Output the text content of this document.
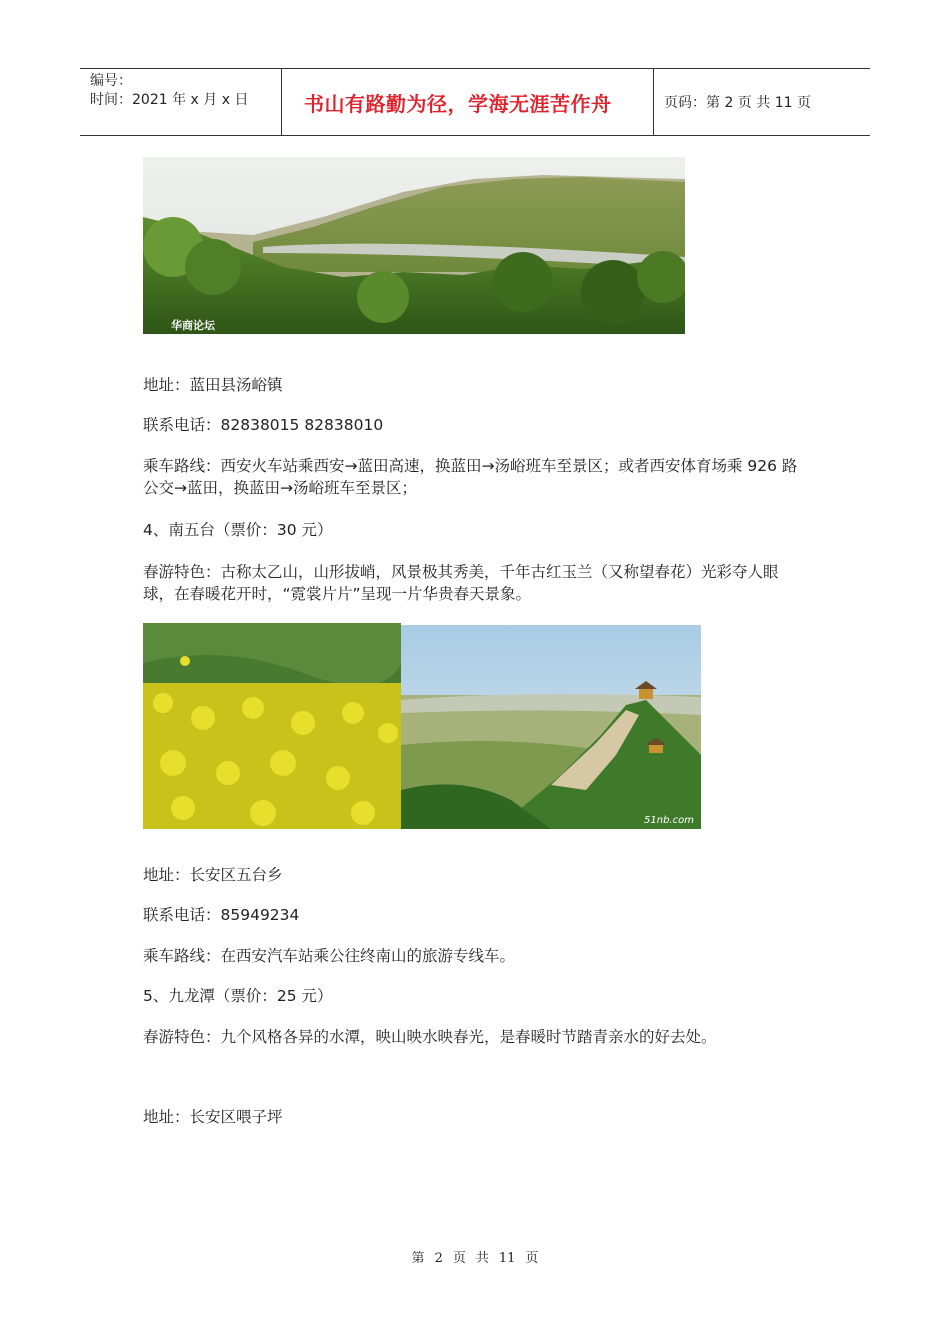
编号：
时间：2021 年 x 月 x 日	书山有路勤为径，学海无涯苦作舟	页码：第 2 页 共 11 页
华商论坛
地址：蓝田县汤峪镇
联系电话：82838015 82838010
乘车路线：西安火车站乘西安→蓝田高速，换蓝田→汤峪班车至景区；或者西安体育场乘 926 路公交→蓝田，换蓝田→汤峪班车至景区；
4、南五台（票价：30 元）
春游特色：古称太乙山，山形拔峭，风景极其秀美，千年古红玉兰（又称望春花）光彩夺人眼球，在春暖花开时，“霓裳片片”呈现一片华贵春天景象。
51nb.com
地址：长安区五台乡
联系电话：85949234
乘车路线：在西安汽车站乘公往终南山的旅游专线车。
5、九龙潭（票价：25 元）
春游特色：九个风格各异的水潭，映山映水映春光，是春暖时节踏青亲水的好去处。
地址：长安区喂子坪
第 2 页 共 11 页
